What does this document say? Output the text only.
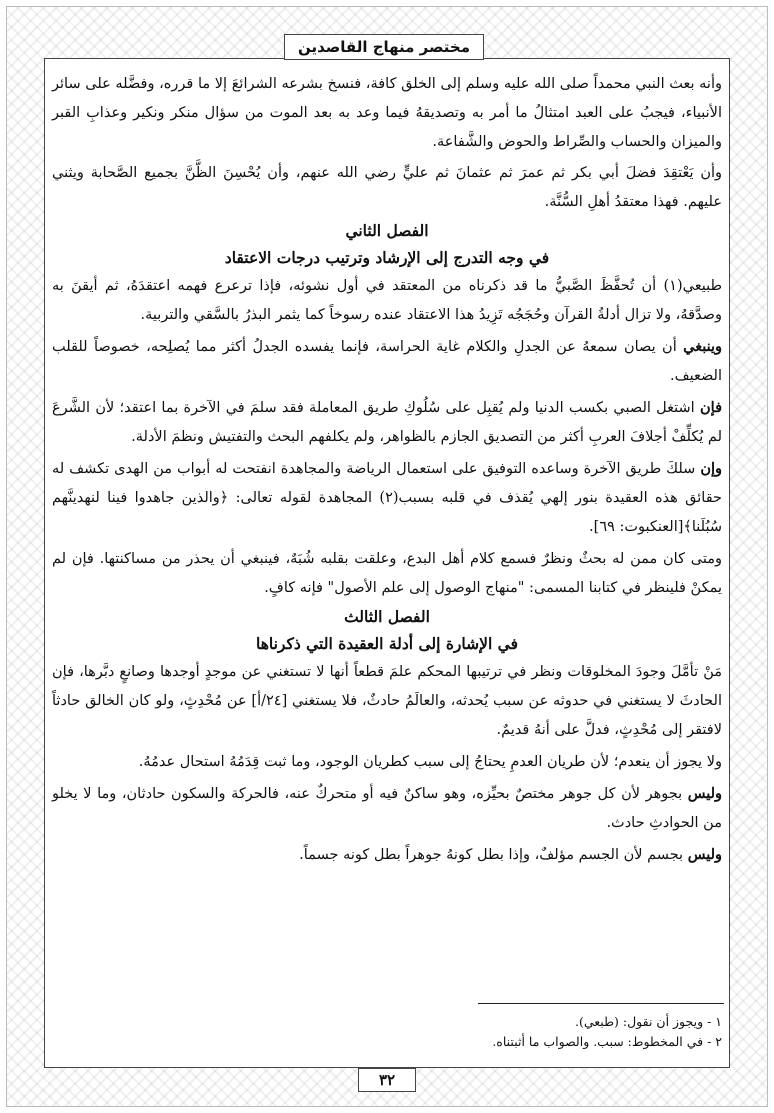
مختصر منهاج القاصدين

وأنه بعث النبي محمداً صلى الله عليه وسلم إلى الخلق كافة، فنسخ بشرعه الشرائعَ إلا ما قرره، وفضَّله على سائر الأنبياء، فيجبُ على العبد امتثالُ ما أمر به وتصديقهُ فيما وعد به بعد الموت من سؤال منكر ونكير وعذابِ القبر والميزان والحساب والصِّراط والحوض والشَّفاعة.

وأن يَعْتقِدَ فضلَ أبي بكر ثم عمرَ ثم عثمانَ ثم عليٍّ رضي الله عنهم، وأن يُحْسِنَ الظَّنَّ بجميع الصَّحابة ويثني عليهم. فهذا معتقدُ أهلِ السُّنَّة.

الفصل الثاني

في وجه التدرج إلى الإرشاد وترتيب درجات الاعتقاد

طبيعي(١) أن تُحفَّظَ الصَّبيُّ ما قد ذكرناه من المعتقد في أول نشوئه، فإذا ترعرع فهمه اعتقدَهُ، ثم أيقنَ به وصدَّقهُ، ولا تزال أدلةُ القرآن وحُجَجُه تَزِيدُ هذا الاعتقاد عنده رسوخاً كما يثمر البذرُ بالسَّقي والتربية.

وينبغي أن يصان سمعهُ عن الجدلِ والكلام غاية الحراسة، فإنما يفسده الجدلُ أكثر مما يُصلِحه، خصوصاً للقلب الضعيف.

فإن اشتغل الصبي بكسب الدنيا ولم يُقبِل على سُلُوكِ طريق المعاملة فقد سلمَ في الآخرة بما اعتقد؛ لأن الشَّرعَ لم يُكلِّفْ أجلافَ العربِ أكثر من التصديق الجازم بالظواهر، ولم يكلفهم البحث والتفتيش ونظمَ الأدلة.

وإن سلكَ طريق الآخرة وساعده التوفيق على استعمال الرياضة والمجاهدة انفتحت له أبواب من الهدى تكشف له حقائق هذه العقيدة بنور إلهي يُقذف في قلبه بسبب(٢) المجاهدة لقوله تعالى: ﴿والذين جاهدوا فينا لنهدينَّهم سُبُلَنا﴾[العنكبوت: ٦٩].

ومتى كان ممن له بحثٌ ونظرٌ فسمع كلام أهل البدع، وعلقت بقلبه شُبَهٌ، فينبغي أن يحذر من مساكنتها. فإن لم يمكنْ فلينظر في كتابنا المسمى: "منهاج الوصول إلى علم الأصول" فإنه كافٍ.

الفصل الثالث

في الإشارة إلى أدلة العقيدة التي ذكرناها

مَنْ تأمَّلَ وجودَ المخلوقات ونظر في ترتيبها المحكم علمَ قطعاً أنها لا تستغني عن موجدٍ أوجدها وصانعٍ دبَّرها، فإن الحادثَ لا يستغني في حدوثه عن سبب يُحدثه، والعالَمُ حادثٌ، فلا يستغني [٢٤/أ] عن مُحْدِثٍ، ولو كان الخالق حادثاً لافتقر إلى مُحْدِثٍ، فدلَّ على أنهُ قديمٌ.

ولا يجوز أن ينعدم؛ لأن طريان العدمِ يحتاجُ إلى سبب كطريان الوجود، وما ثبت قِدَمُهُ استحال عدمُهُ.

وليس بجوهر لأن كل جوهر مختصٌ بحيِّزه، وهو ساكنٌ فيه أو متحركٌ عنه، فالحركة والسكون حادثان، وما لا يخلو من الحوادثِ حادث.

وليس بجسم لأن الجسم مؤلفٌ، وإذا بطل كونهُ جوهراً بطل كونه جسماً.

١ - ويجوز أن نقول: (طبعي).
٢ - في المخطوط: سبب. والصواب ما أثبتناه.
٣٢
